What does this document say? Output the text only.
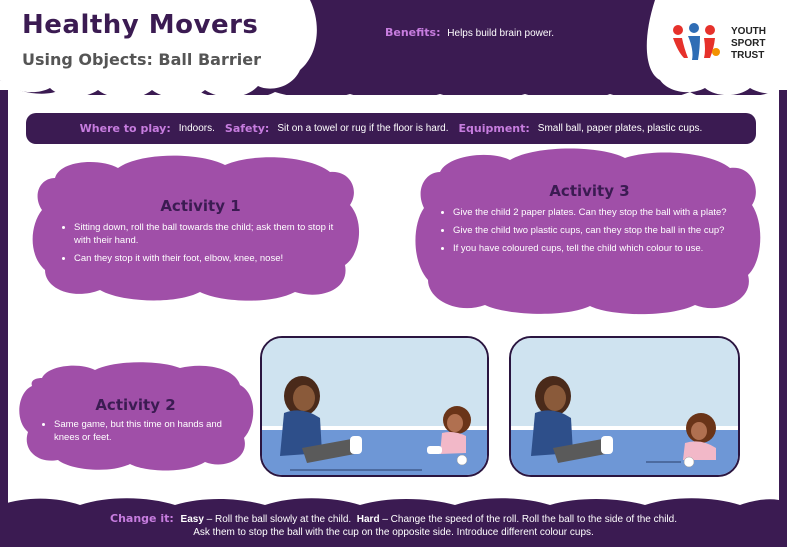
Healthy Movers
Using Objects: Ball Barrier
Benefits: Helps build brain power.	YOUTH
SPORT
TRUST
Where to play: Indoors. Safety: Sit on a towel or rug if the floor is hard. Equipment: Small ball, paper plates, plastic cups.
Activity 1
• Sitting down, roll the ball towards the child; ask them to stop it with their hand.
• Can they stop it with their foot, elbow, knee, nose!
Activity 3
• Give the child 2 paper plates. Can they stop the ball with a plate?
• Give the child two plastic cups, can they stop the ball in the cup?
• If you have coloured cups, tell the child which colour to use.
Activity 2
• Same game, but this time on hands and knees or feet.
Change it: Easy – Roll the ball slowly at the child. Hard – Change the speed of the roll. Roll the ball to the side of the child.
Ask them to stop the ball with the cup on the opposite side. Introduce different colour cups.
